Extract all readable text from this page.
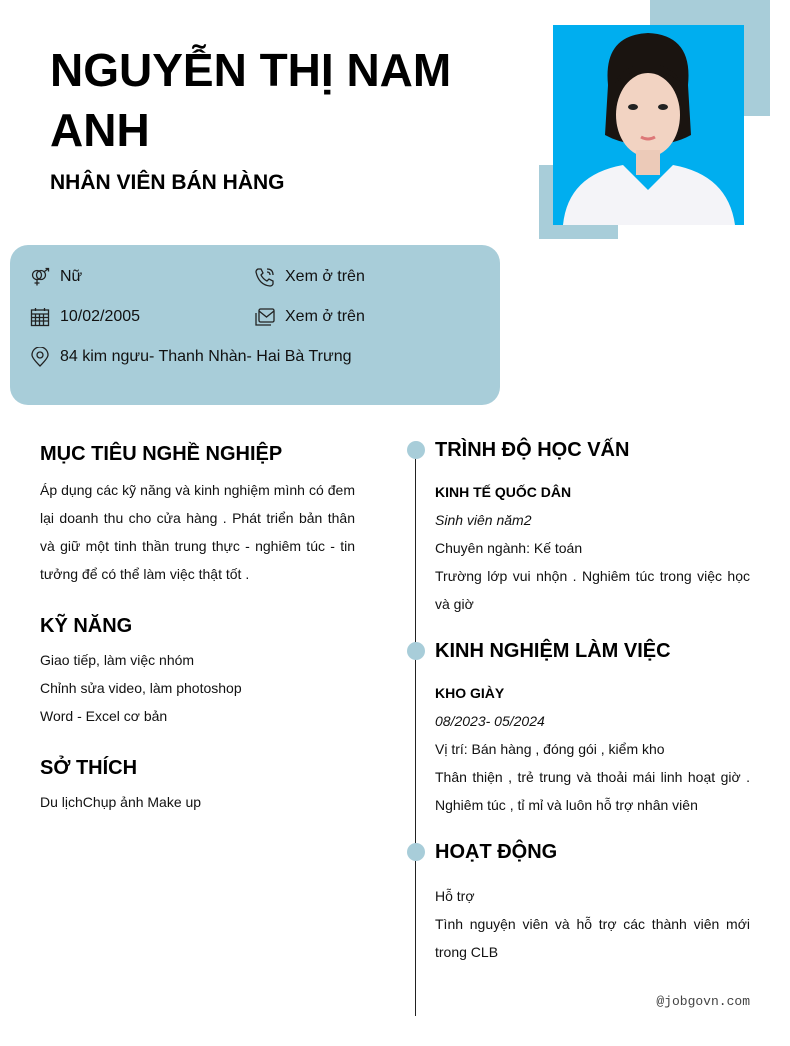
NGUYỄN THỊ NAM ANH
NHÂN VIÊN BÁN HÀNG
Nữ
10/02/2005
84 kim ngưu- Thanh Nhàn- Hai Bà Trưng
Xem ở trên
Xem ở trên
MỤC TIÊU NGHỀ NGHIỆP
Áp dụng các kỹ năng và kinh nghiệm mình có đem lại doanh thu cho cửa hàng . Phát triển bản thân và giữ một tinh thần trung thực - nghiêm túc - tin tưởng để có thể làm việc thật tốt .
KỸ NĂNG
Giao tiếp, làm việc nhóm
Chỉnh sửa video, làm photoshop
Word - Excel cơ bản
SỞ THÍCH
Du lịchChụp ảnh Make up
TRÌNH ĐỘ HỌC VẤN
KINH TẾ QUỐC DÂN
Sinh viên năm2
Chuyên ngành: Kế toán
Trường lớp vui nhộn . Nghiêm túc trong việc học và giờ
KINH NGHIỆM LÀM VIỆC
KHO GIÀY
08/2023- 05/2024
Vị trí: Bán hàng , đóng gói , kiểm kho
Thân thiện , trẻ trung và thoải mái linh hoạt giờ . Nghiêm túc , tỉ mỉ và luôn hỗ trợ nhân viên
HOẠT ĐỘNG
Hỗ trợ
Tình nguyện viên và hỗ trợ các thành viên mới trong CLB
@jobgovn.com
